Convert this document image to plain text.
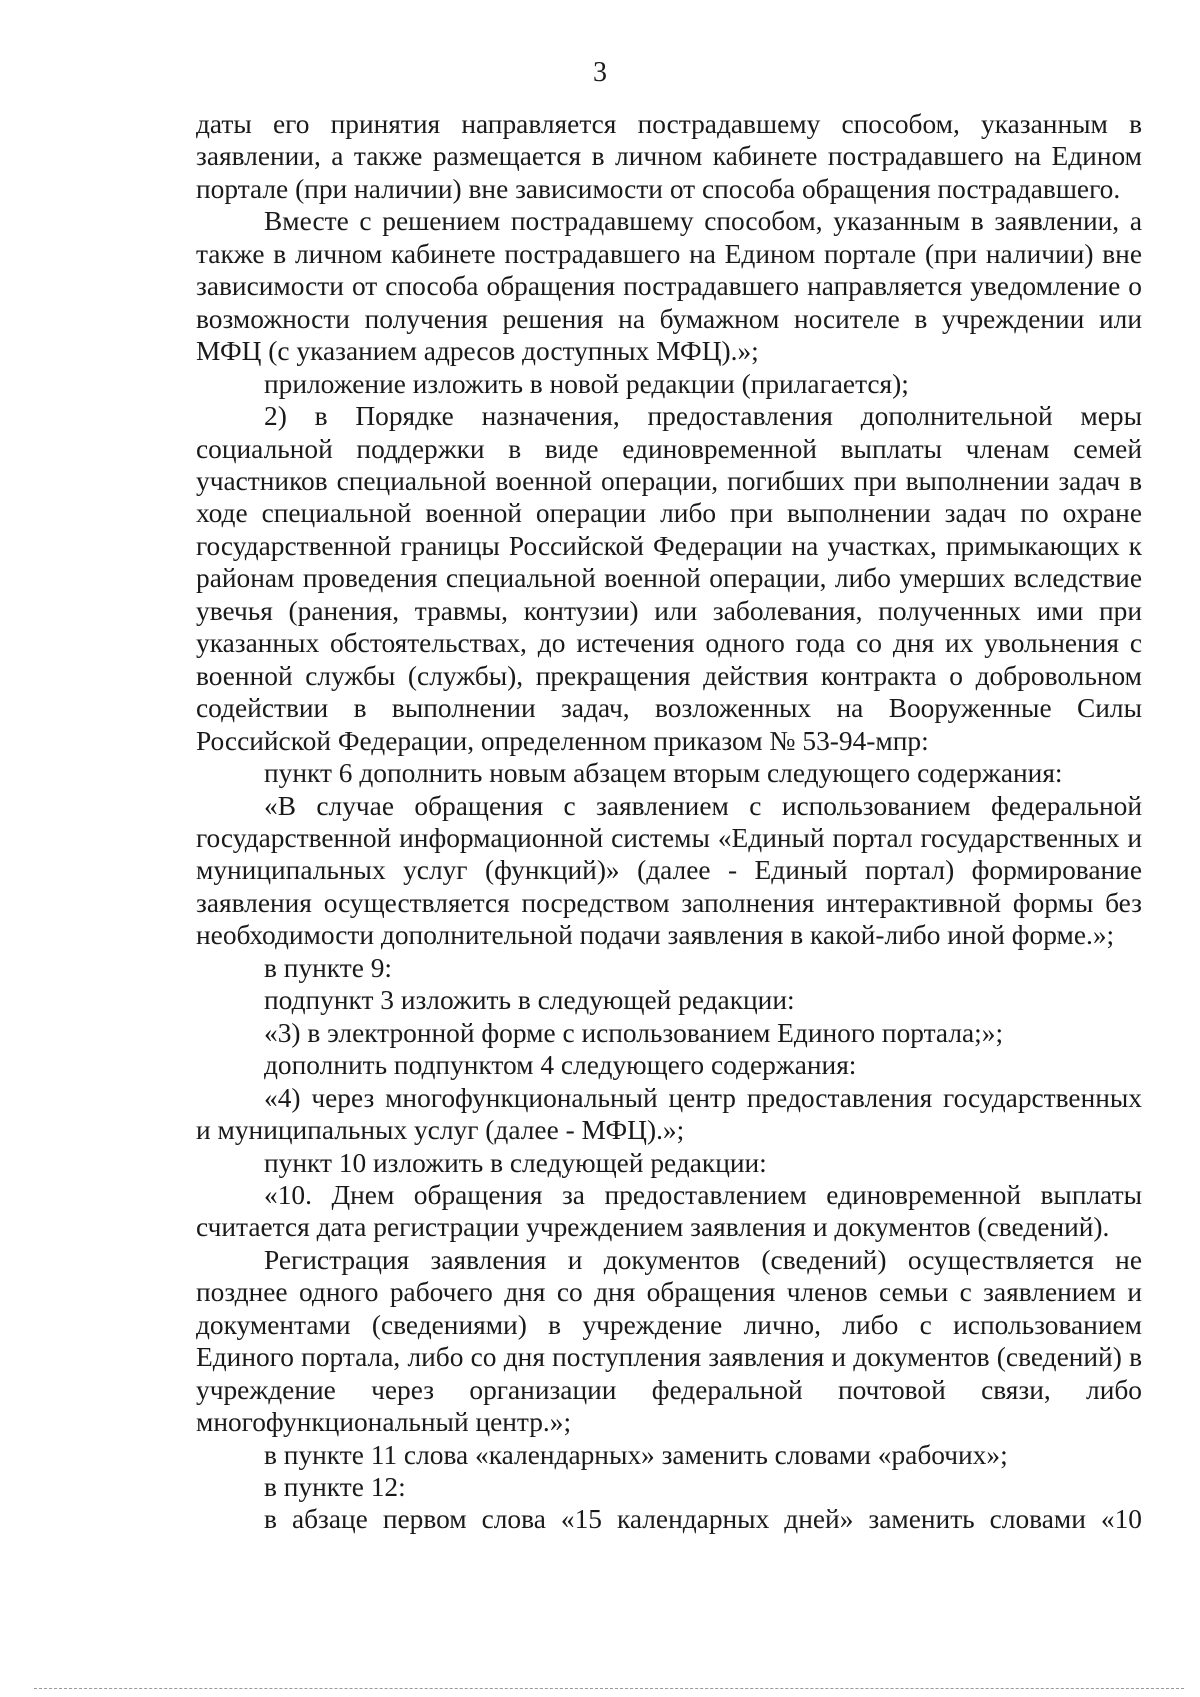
3

даты его принятия направляется пострадавшему способом, указанным в заявлении, а также размещается в личном кабинете пострадавшего на Едином портале (при наличии) вне зависимости от способа обращения пострадавшего.

Вместе с решением пострадавшему способом, указанным в заявлении, а также в личном кабинете пострадавшего на Едином портале (при наличии) вне зависимости от способа обращения пострадавшего направляется уведомление о возможности получения решения на бумажном носителе в учреждении или МФЦ (с указанием адресов доступных МФЦ).»;

приложение изложить в новой редакции (прилагается);

2) в Порядке назначения, предоставления дополнительной меры социальной поддержки в виде единовременной выплаты членам семей участников специальной военной операции, погибших при выполнении задач в ходе специальной военной операции либо при выполнении задач по охране государственной границы Российской Федерации на участках, примыкающих к районам проведения специальной военной операции, либо умерших вследствие увечья (ранения, травмы, контузии) или заболевания, полученных ими при указанных обстоятельствах, до истечения одного года со дня их увольнения с военной службы (службы), прекращения действия контракта о добровольном содействии в выполнении задач, возложенных на Вооруженные Силы Российской Федерации, определенном приказом № 53-94-мпр:

пункт 6 дополнить новым абзацем вторым следующего содержания:

«В случае обращения с заявлением с использованием федеральной государственной информационной системы «Единый портал государственных и муниципальных услуг (функций)» (далее - Единый портал) формирование заявления осуществляется посредством заполнения интерактивной формы без необходимости дополнительной подачи заявления в какой-либо иной форме.»;

в пункте 9:

подпункт 3 изложить в следующей редакции:

«3) в электронной форме с использованием Единого портала;»;

дополнить подпунктом 4 следующего содержания:

«4) через многофункциональный центр предоставления государственных и муниципальных услуг (далее - МФЦ).»;

пункт 10 изложить в следующей редакции:

«10. Днем обращения за предоставлением единовременной выплаты считается дата регистрации учреждением заявления и документов (сведений).

Регистрация заявления и документов (сведений) осуществляется не позднее одного рабочего дня со дня обращения членов семьи с заявлением и документами (сведениями) в учреждение лично, либо с использованием Единого портала, либо со дня поступления заявления и документов (сведений) в учреждение через организации федеральной почтовой связи, либо многофункциональный центр.»;

в пункте 11 слова «календарных» заменить словами «рабочих»;

в пункте 12:

в абзаце первом слова «15 календарных дней» заменить словами «10
